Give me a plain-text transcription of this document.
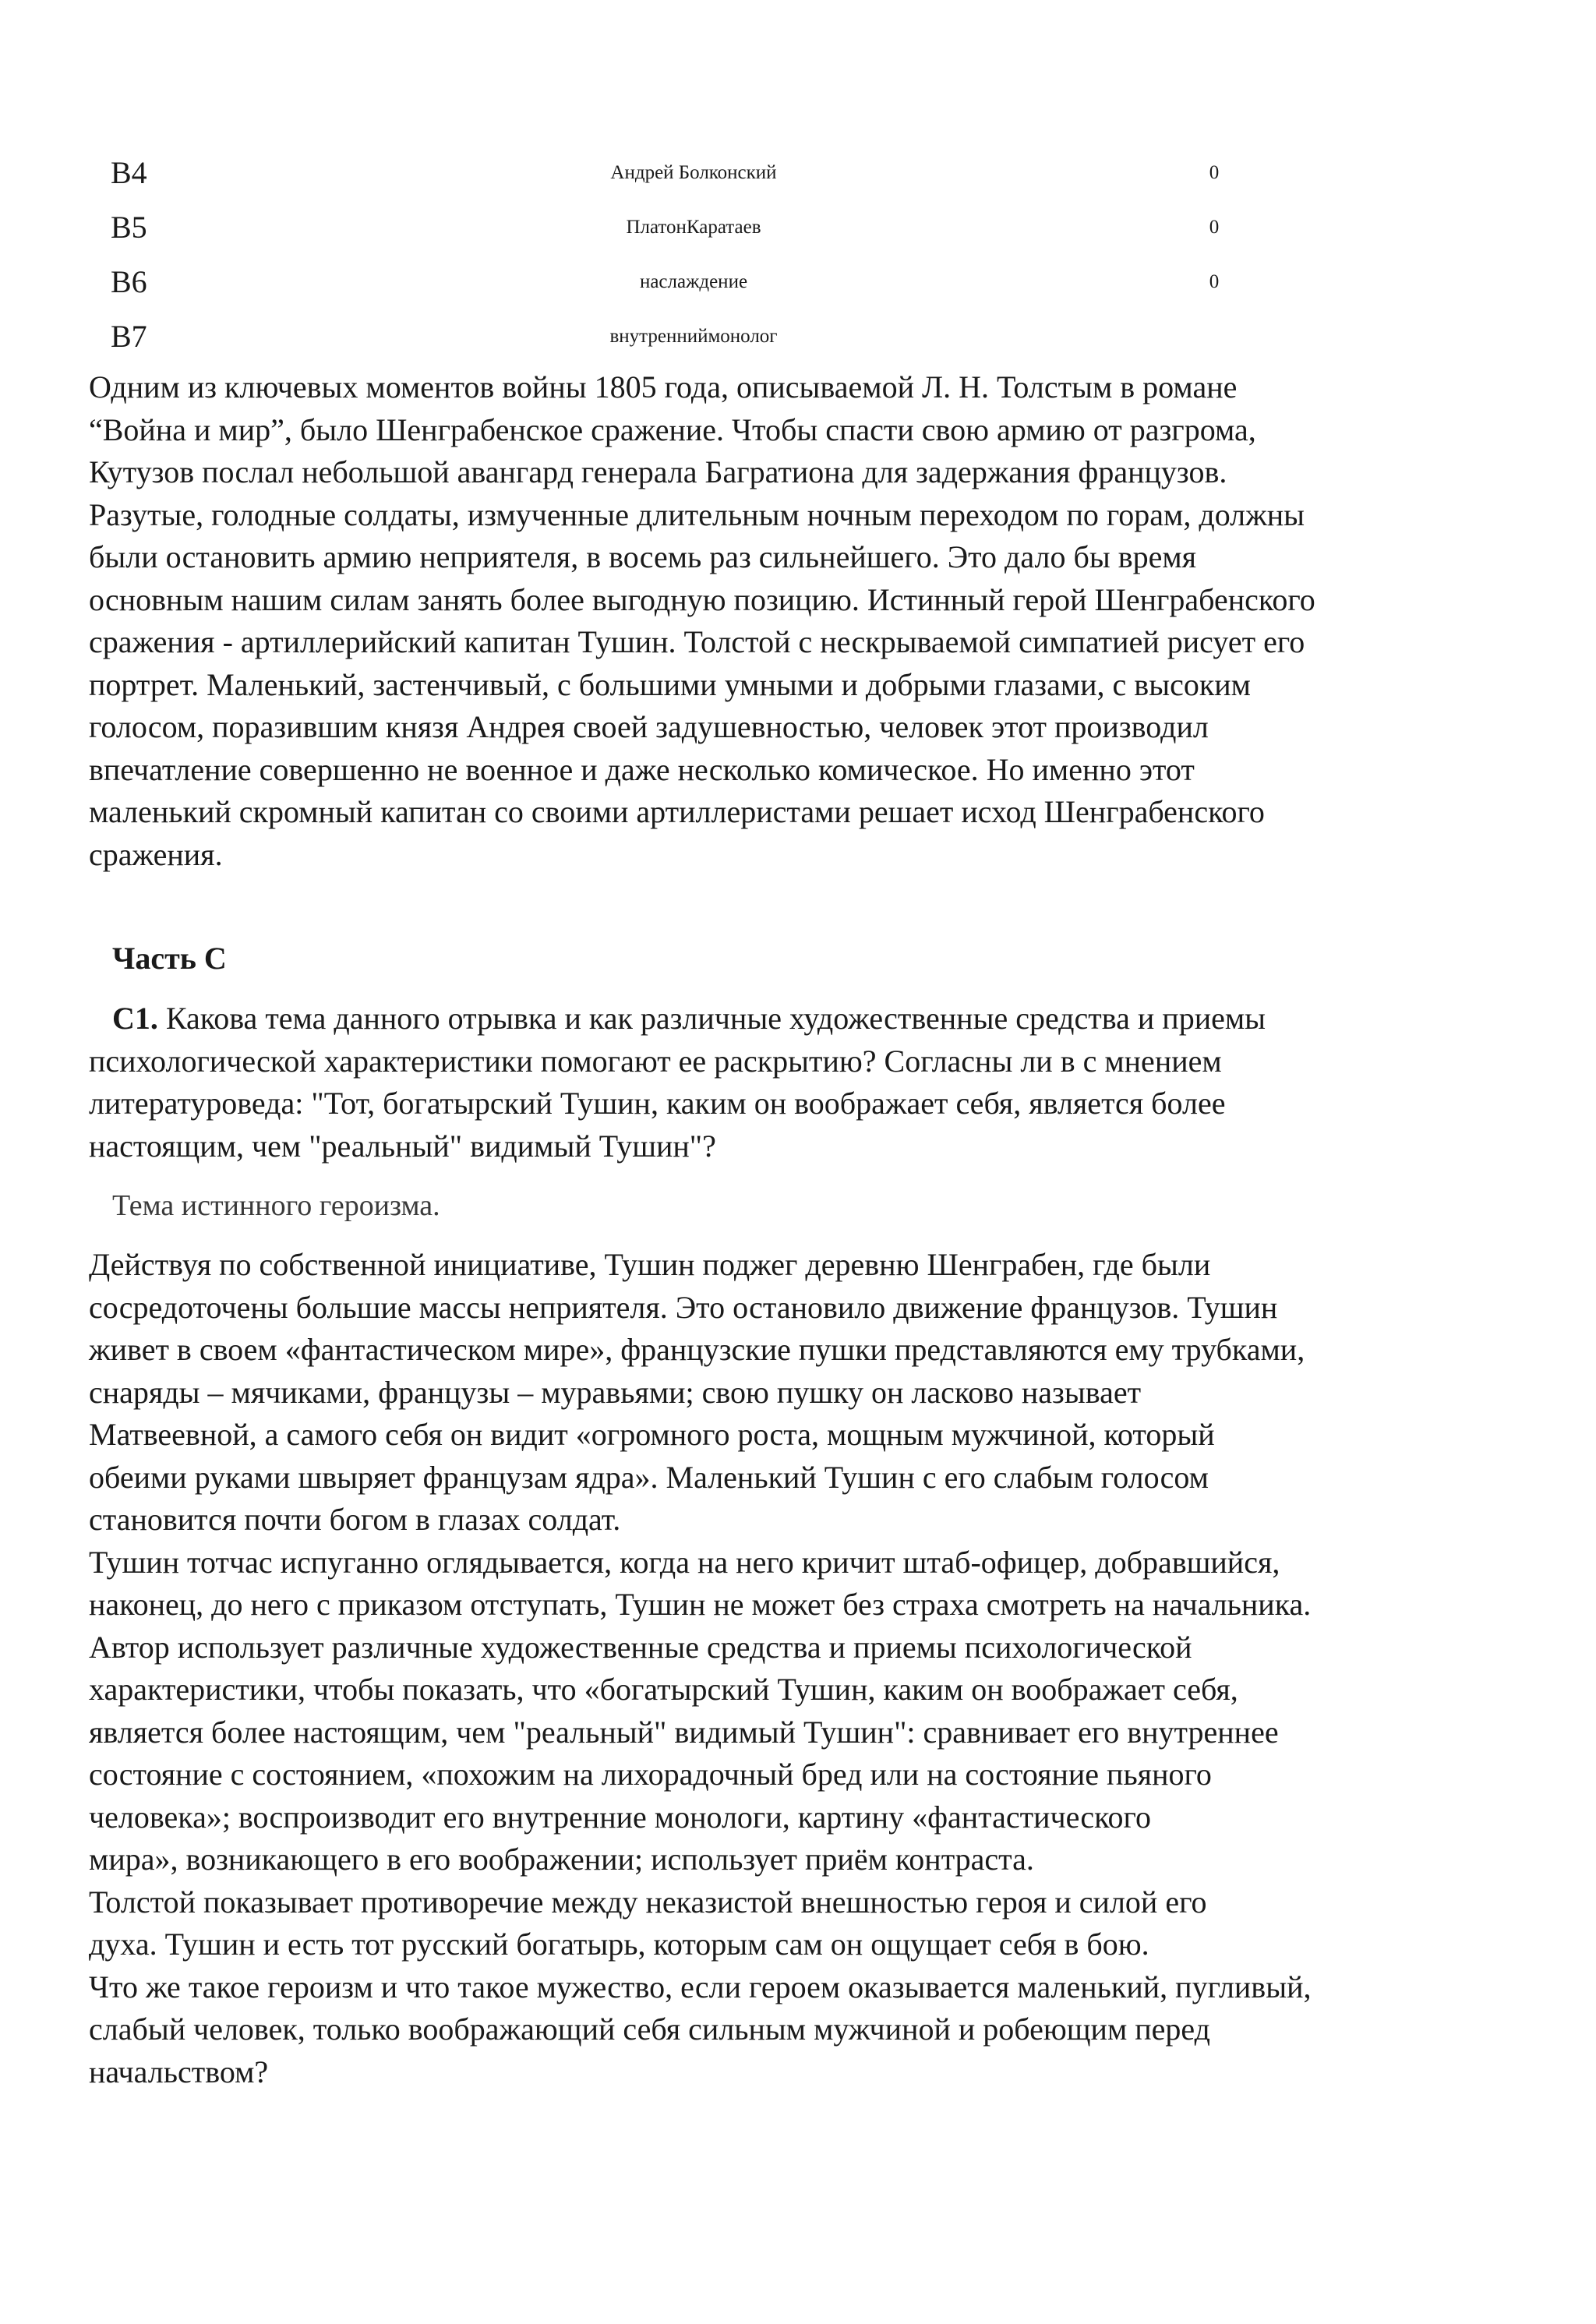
B4	Андрей Болконский	0
B5	ПлатонКаратаев	0
B6	наслаждение	0
B7	внутренниймонолог

Одним из ключевых моментов войны 1805 года, описываемой Л. Н. Толстым в романе
“Война и мир”, было Шенграбенское сражение. Чтобы спасти свою армию от разгрома,
Кутузов послал небольшой авангард генерала Багратиона для задержания французов.
Разутые, голодные солдаты, измученные длительным ночным переходом по горам, должны
были остановить армию неприятеля, в восемь раз сильнейшего. Это дало бы время
основным нашим силам занять более выгодную позицию. Истинный герой Шенграбенского
сражения - артиллерийский капитан Тушин. Толстой с нескрываемой симпатией рисует его
портрет. Маленький, застенчивый, с большими умными и добрыми глазами, с высоким
голосом, поразившим князя Андрея своей задушевностью, человек этот производил
впечатление совершенно не военное и даже несколько комическое. Но именно этот
маленький скромный капитан со своими артиллеристами решает исход Шенграбенского
сражения.

Часть С

С1. Какова тема данного отрывка и как различные художественные средства и приемы
психологической характеристики помогают ее раскрытию? Согласны ли в с мнением
литературоведа: "Тот, богатырский Тушин, каким он воображает себя, является более
настоящим, чем "реальный" видимый Тушин"?

Тема истинного героизма.

Действуя по собственной инициативе, Тушин поджег деревню Шенграбен, где были
сосредоточены большие массы неприятеля. Это остановило движение французов. Тушин
живет в своем «фантастическом мире», французские пушки представляются ему трубками,
снаряды – мячиками, французы – муравьями; свою пушку он ласково называет
Матвеевной, а самого себя он видит «огромного роста, мощным мужчиной, который
обеими руками швыряет французам ядра». Маленький Тушин с его слабым голосом
становится почти богом в глазах солдат.
Тушин тотчас испуганно оглядывается, когда на него кричит штаб-офицер, добравшийся,
наконец, до него с приказом отступать, Тушин не может без страха смотреть на начальника.
Автор использует различные художественные средства и приемы психологической
характеристики, чтобы показать, что «богатырский Тушин, каким он воображает себя,
является более настоящим, чем "реальный" видимый Тушин": сравнивает его внутреннее
состояние с состоянием, «похожим на лихорадочный бред или на состояние пьяного
человека»; воспроизводит его внутренние монологи, картину «фантастического
мира», возникающего в его воображении; использует приём контраста.
Толстой показывает противоречие между неказистой внешностью героя и силой его
духа. Тушин и есть тот русский богатырь, которым сам он ощущает себя в бою.
Что же такое героизм и что такое мужество, если героем оказывается маленький, пугливый,
слабый человек, только воображающий себя сильным мужчиной и робеющим перед
начальством?
